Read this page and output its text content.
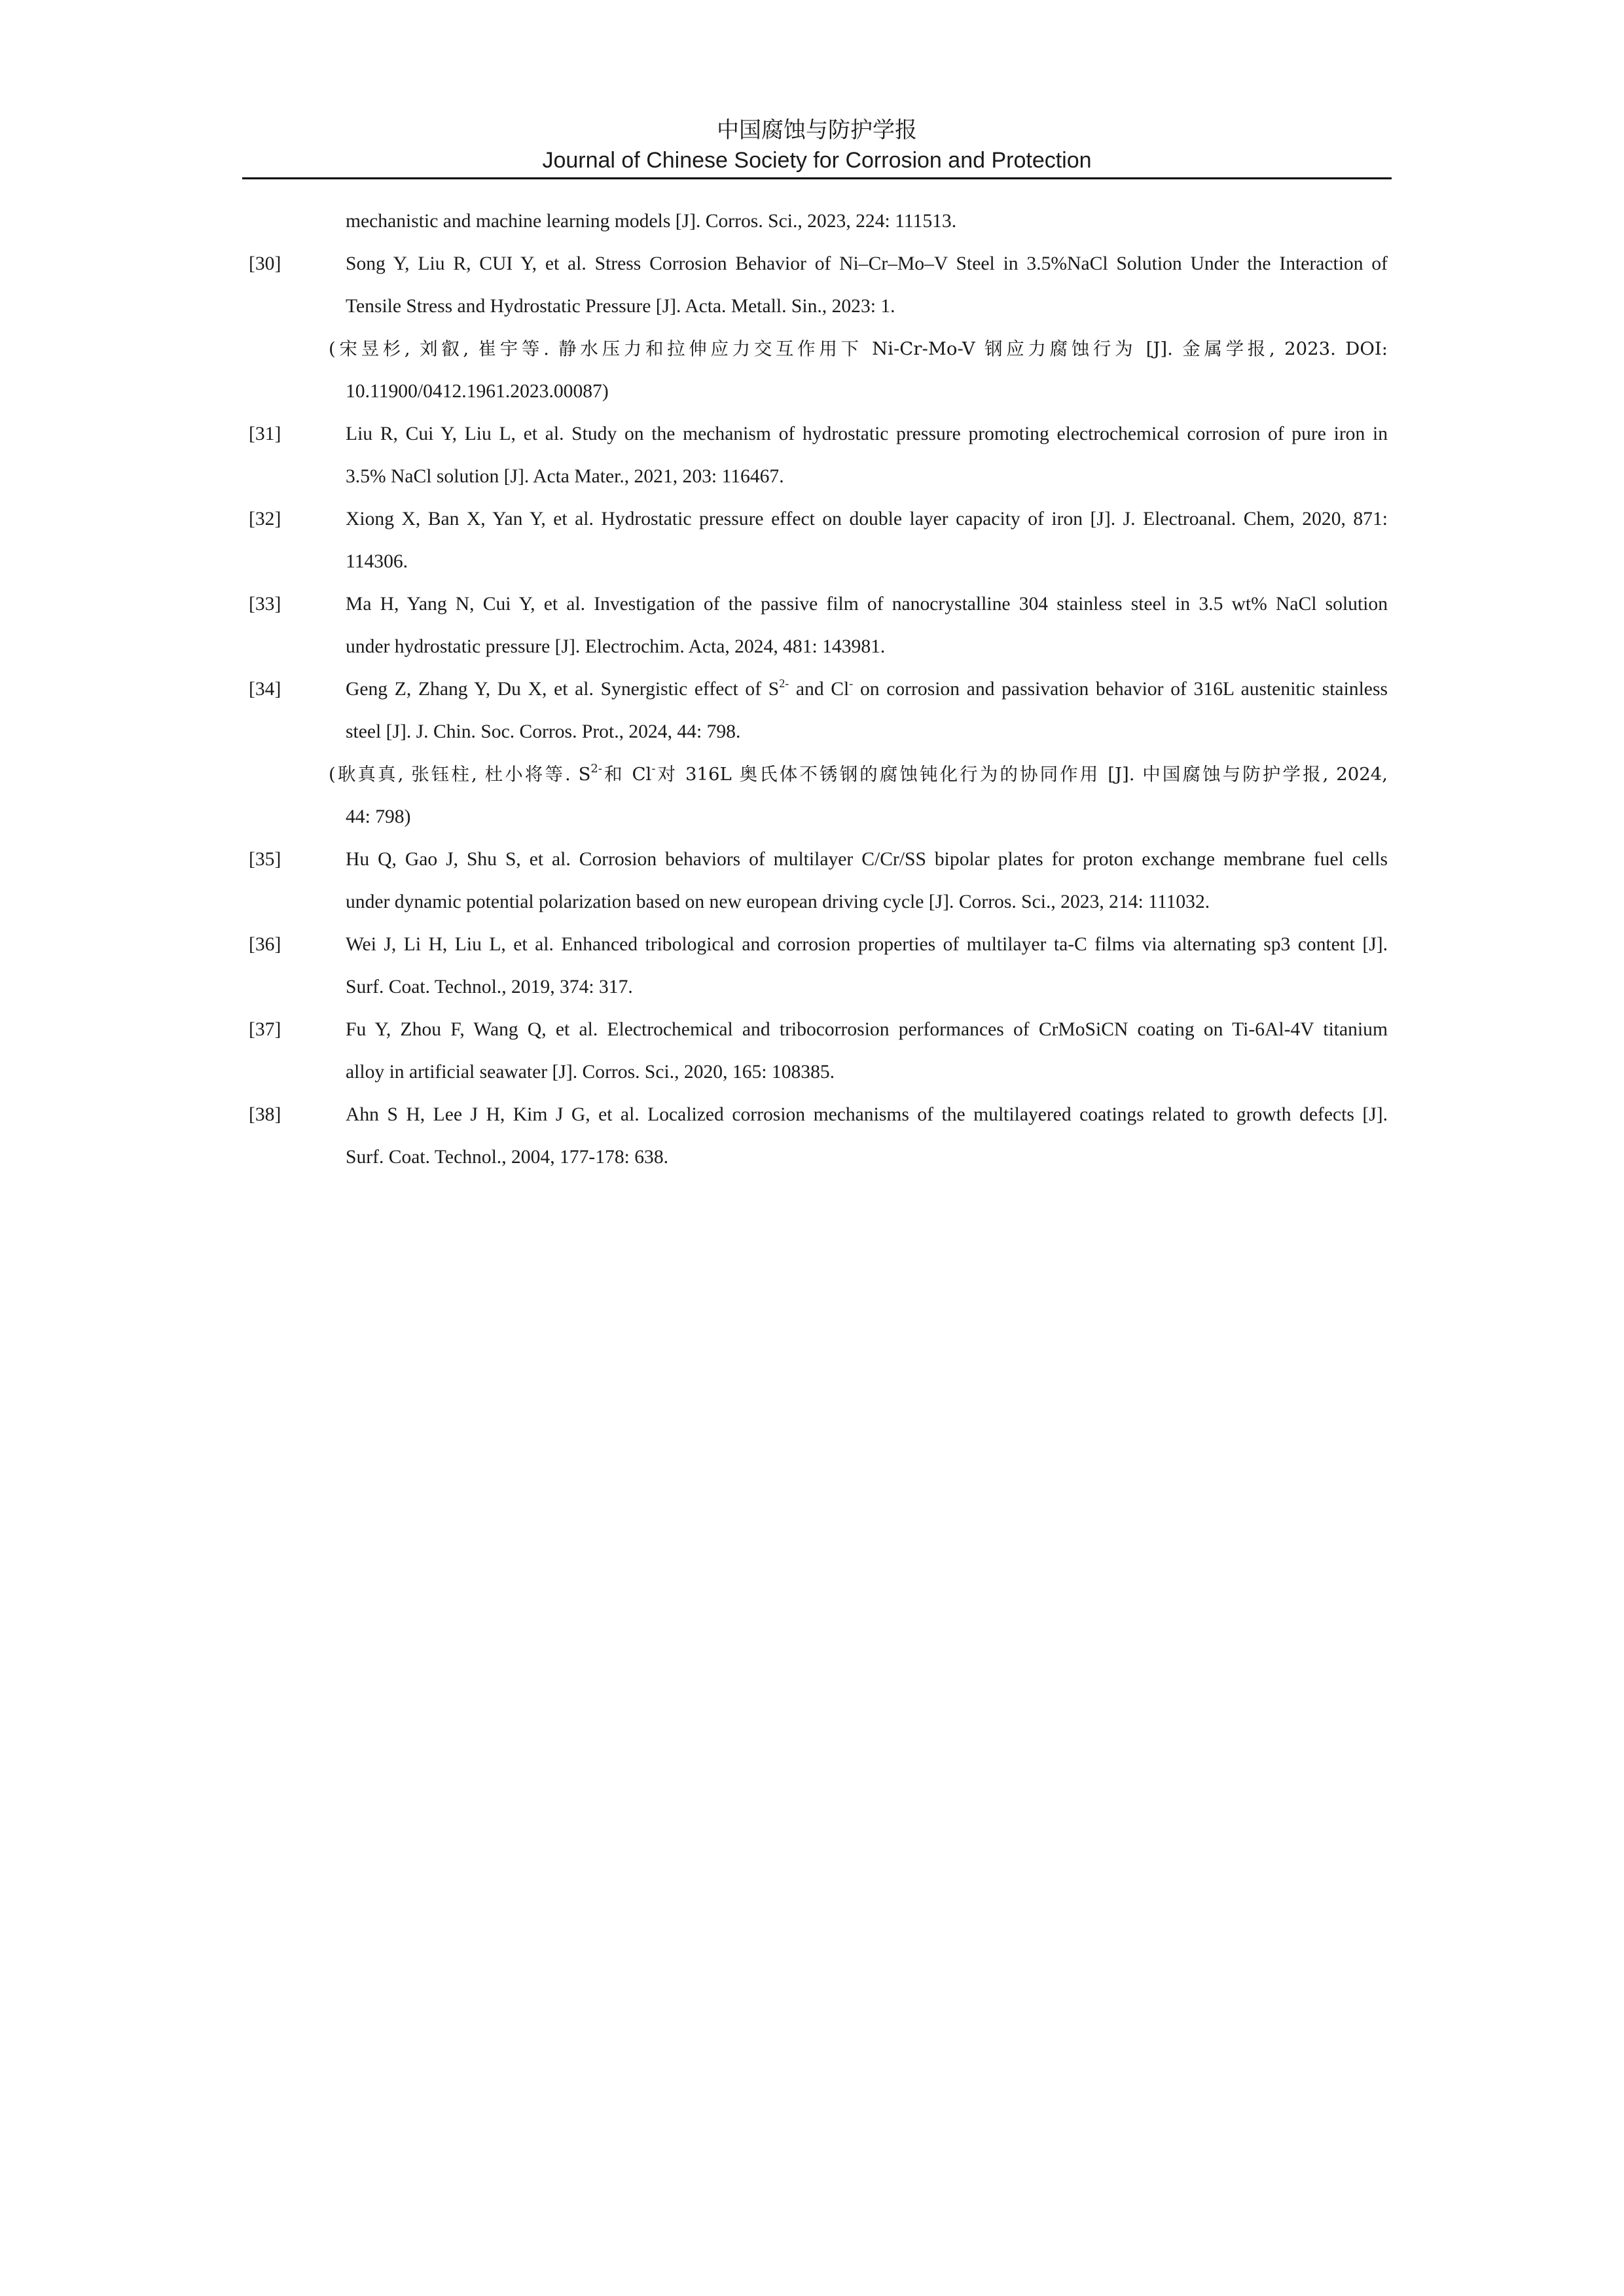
中国腐蚀与防护学报
Journal of Chinese Society for Corrosion and Protection
mechanistic and machine learning models [J]. Corros. Sci., 2023, 224: 111513.
[30]	Song Y, Liu R, CUI Y, et al. Stress Corrosion Behavior of Ni–Cr–Mo–V Steel in 3.5%NaCl Solution Under the Interaction of
Tensile Stress and Hydrostatic Pressure [J]. Acta. Metall. Sin., 2023: 1.
(宋昱杉, 刘叡, 崔宇等. 静水压力和拉伸应力交互作用下 Ni-Cr-Mo-V 钢应力腐蚀行为 [J]. 金属学报, 2023. DOI:
10.11900/0412.1961.2023.00087)
[31]	Liu R, Cui Y, Liu L, et al. Study on the mechanism of hydrostatic pressure promoting electrochemical corrosion of pure iron in
3.5% NaCl solution [J]. Acta Mater., 2021, 203: 116467.
[32]	Xiong X, Ban X, Yan Y, et al. Hydrostatic pressure effect on double layer capacity of iron [J]. J. Electroanal. Chem, 2020, 871:
114306.
[33]	Ma H, Yang N, Cui Y, et al. Investigation of the passive film of nanocrystalline 304 stainless steel in 3.5 wt% NaCl solution
under hydrostatic pressure [J]. Electrochim. Acta, 2024, 481: 143981.
[34]	Geng Z, Zhang Y, Du X, et al. Synergistic effect of $S^{2-}$ and Cl- on corrosion and passivation behavior of 316L austenitic stainless
steel [J]. J. Chin. Soc. Corros. Prot., 2024, 44: 798.
(耿真真, 张钰柱, 杜小将等. $S^{2-}$和 Cl-对 316L 奥氏体不锈钢的腐蚀钝化行为的协同作用 [J]. 中国腐蚀与防护学报, 2024,
44: 798)
[35]	Hu Q, Gao J, Shu S, et al. Corrosion behaviors of multilayer C/Cr/SS bipolar plates for proton exchange membrane fuel cells
under dynamic potential polarization based on new european driving cycle [J]. Corros. Sci., 2023, 214: 111032.
[36]	Wei J, Li H, Liu L, et al. Enhanced tribological and corrosion properties of multilayer ta-C films via alternating sp3 content [J].
Surf. Coat. Technol., 2019, 374: 317.
[37]	Fu Y, Zhou F, Wang Q, et al. Electrochemical and tribocorrosion performances of CrMoSiCN coating on Ti-6Al-4V titanium
alloy in artificial seawater [J]. Corros. Sci., 2020, 165: 108385.
[38]	Ahn S H, Lee J H, Kim J G, et al. Localized corrosion mechanisms of the multilayered coatings related to growth defects [J].
Surf. Coat. Technol., 2004, 177-178: 638.
